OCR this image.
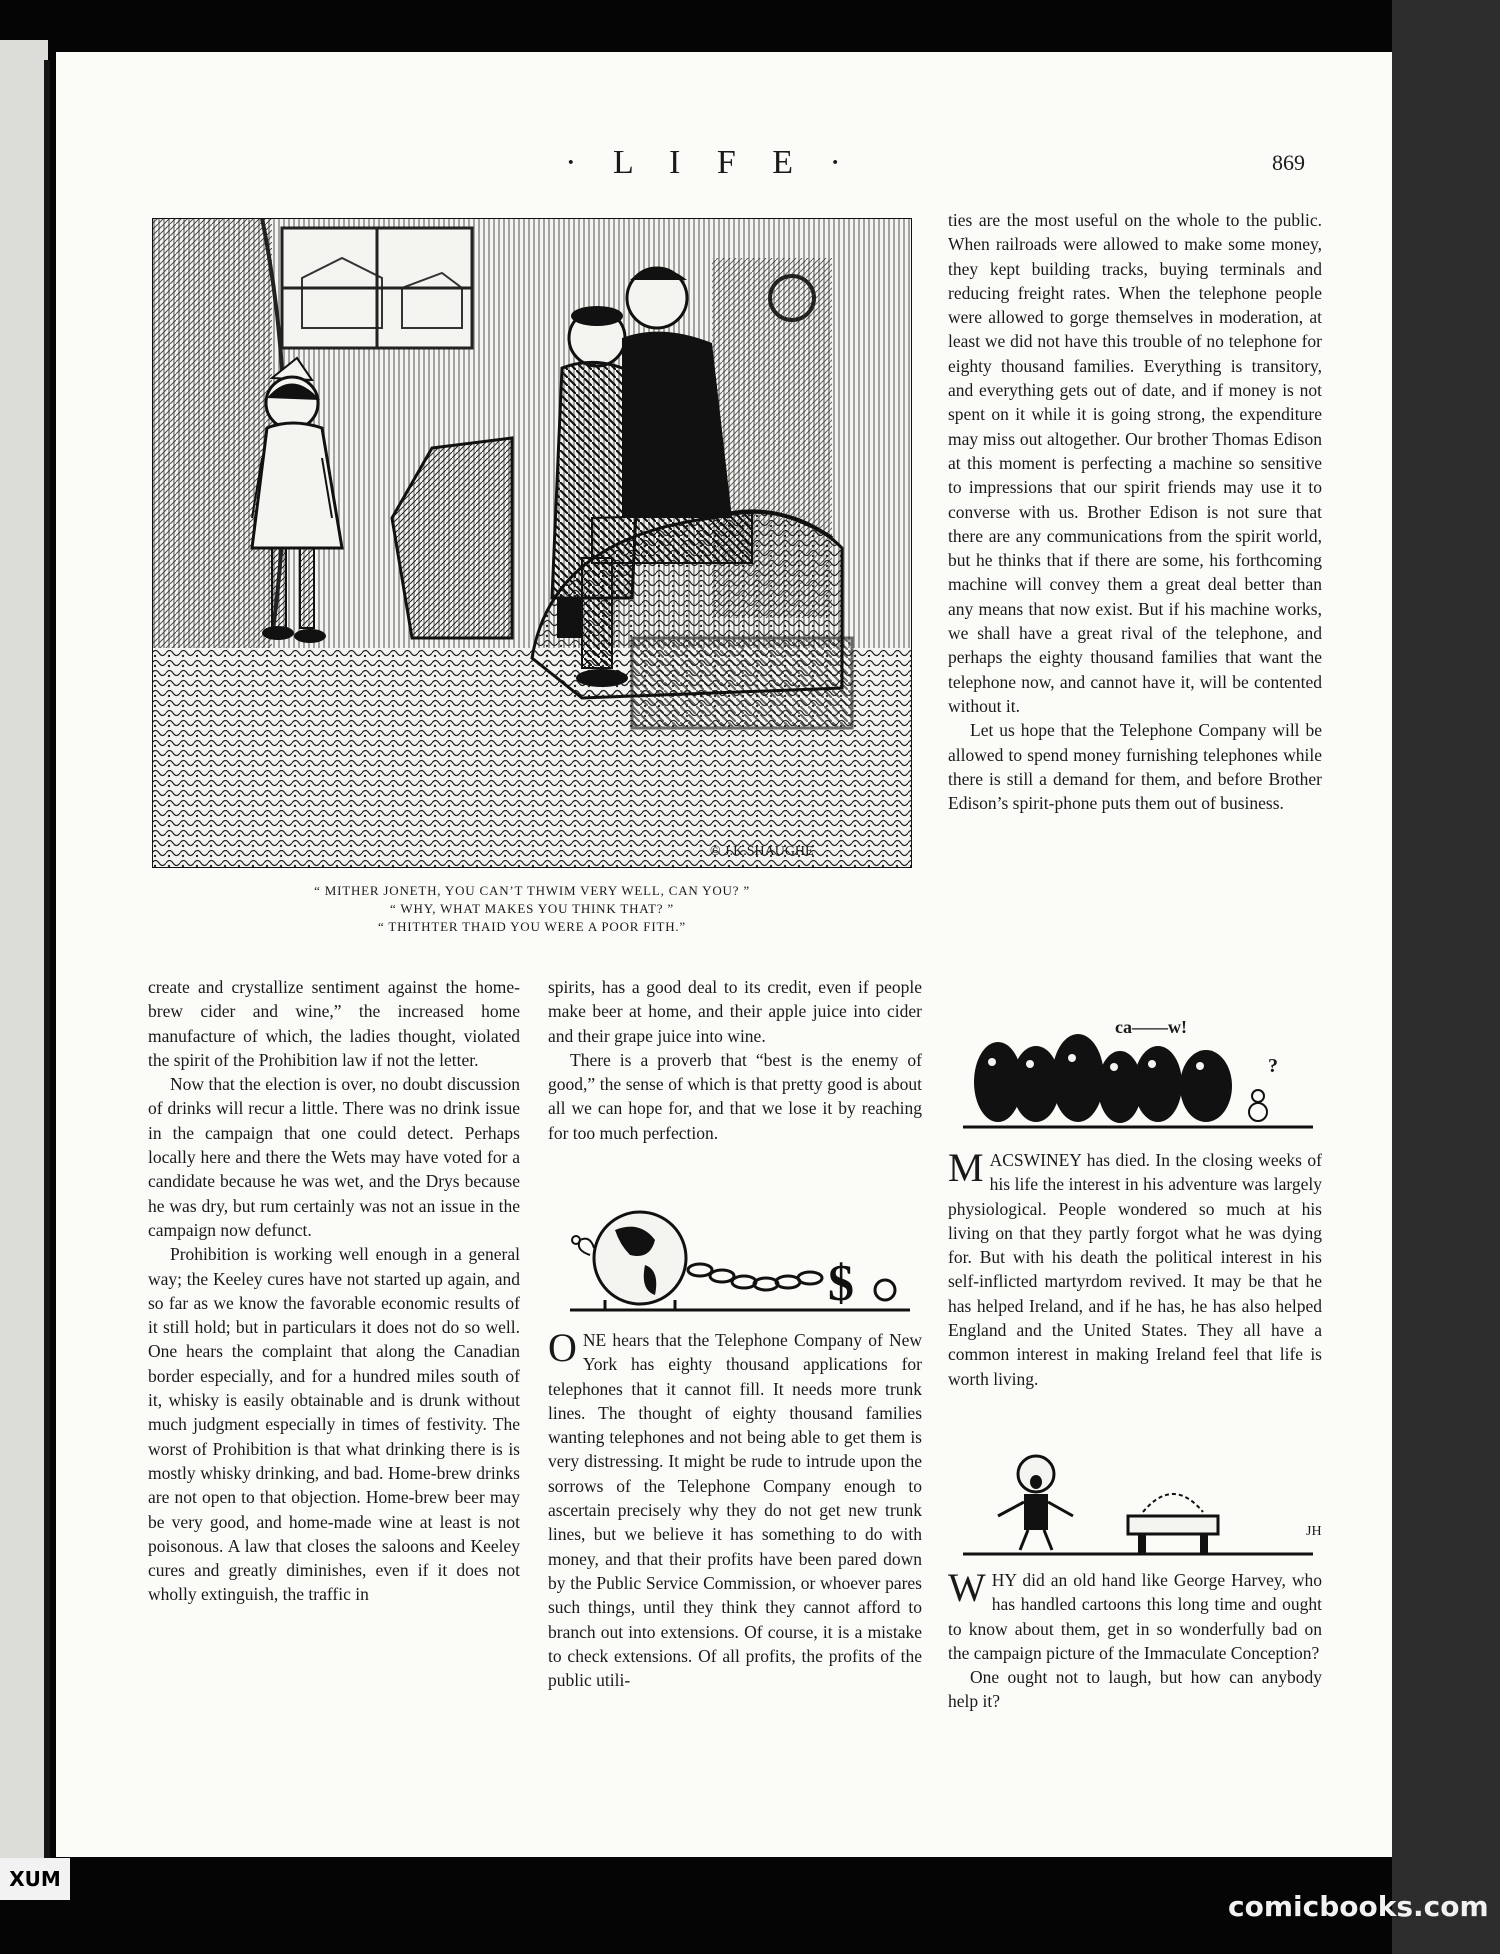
· L I F E ·	869
© J.K.SHAUGHE
“ MITHER JONETH, YOU CAN’T THWIM VERY WELL, CAN YOU? ”
“ WHY, WHAT MAKES YOU THINK THAT? ”
“ THITHTER THAID YOU WERE A POOR FITH.”

create and crystallize sentiment against the home-brew cider and wine,” the increased home manufacture of which, the ladies thought, violated the spirit of the Prohibition law if not the letter.

Now that the election is over, no doubt discussion of drinks will recur a little. There was no drink issue in the campaign that one could detect. Perhaps locally here and there the Wets may have voted for a candidate because he was wet, and the Drys because he was dry, but rum certainly was not an issue in the campaign now defunct.

Prohibition is working well enough in a general way; the Keeley cures have not started up again, and so far as we know the favorable economic results of it still hold; but in particulars it does not do so well. One hears the complaint that along the Canadian border especially, and for a hundred miles south of it, whisky is easily obtainable and is drunk without much judgment especially in times of festivity. The worst of Prohibition is that what drinking there is is mostly whisky drinking, and bad. Home-brew drinks are not open to that objection. Home-brew beer may be very good, and home-made wine at least is not poisonous. A law that closes the saloons and Keeley cures and greatly diminishes, even if it does not wholly extinguish, the traffic in

spirits, has a good deal to its credit, even if people make beer at home, and their apple juice into cider and their grape juice into wine.

There is a proverb that “best is the enemy of good,” the sense of which is that pretty good is about all we can hope for, and that we lose it by reaching for too much perfection.

$

ONE hears that the Telephone Company of New York has eighty thousand applications for telephones that it cannot fill. It needs more trunk lines. The thought of eighty thousand families wanting telephones and not being able to get them is very distressing. It might be rude to intrude upon the sorrows of the Telephone Company enough to ascertain precisely why they do not get new trunk lines, but we believe it has something to do with money, and that their profits have been pared down by the Public Service Commission, or whoever pares such things, until they think they cannot afford to branch out into extensions. Of course, it is a mistake to check extensions. Of all profits, the profits of the public utili-

ties are the most useful on the whole to the public. When railroads were allowed to make some money, they kept building tracks, buying terminals and reducing freight rates. When the telephone people were allowed to gorge themselves in moderation, at least we did not have this trouble of no telephone for eighty thousand families. Everything is transitory, and everything gets out of date, and if money is not spent on it while it is going strong, the expenditure may miss out altogether. Our brother Thomas Edison at this moment is perfecting a machine so sensitive to impressions that our spirit friends may use it to converse with us. Brother Edison is not sure that there are any communications from the spirit world, but he thinks that if there are some, his forthcoming machine will convey them a great deal better than any means that now exist. But if his machine works, we shall have a great rival of the telephone, and perhaps the eighty thousand families that want the telephone now, and cannot have it, will be contented without it.

Let us hope that the Telephone Company will be allowed to spend money furnishing telephones while there is still a demand for them, and before Brother Edison’s spirit-phone puts them out of business.

ca——w!
?

MACSWINEY has died. In the closing weeks of his life the interest in his adventure was largely physiological. People wondered so much at his living on that they partly forgot what he was dying for. But with his death the political interest in his self-inflicted martyrdom revived. It may be that he has helped Ireland, and if he has, he has also helped England and the United States. They all have a common interest in making Ireland feel that life is worth living.

JH

WHY did an old hand like George Harvey, who has handled cartoons this long time and ought to know about them, get in so wonderfully bad on the campaign picture of the Immaculate Conception?

One ought not to laugh, but how can anybody help it?

XUM
comicbooks.com
